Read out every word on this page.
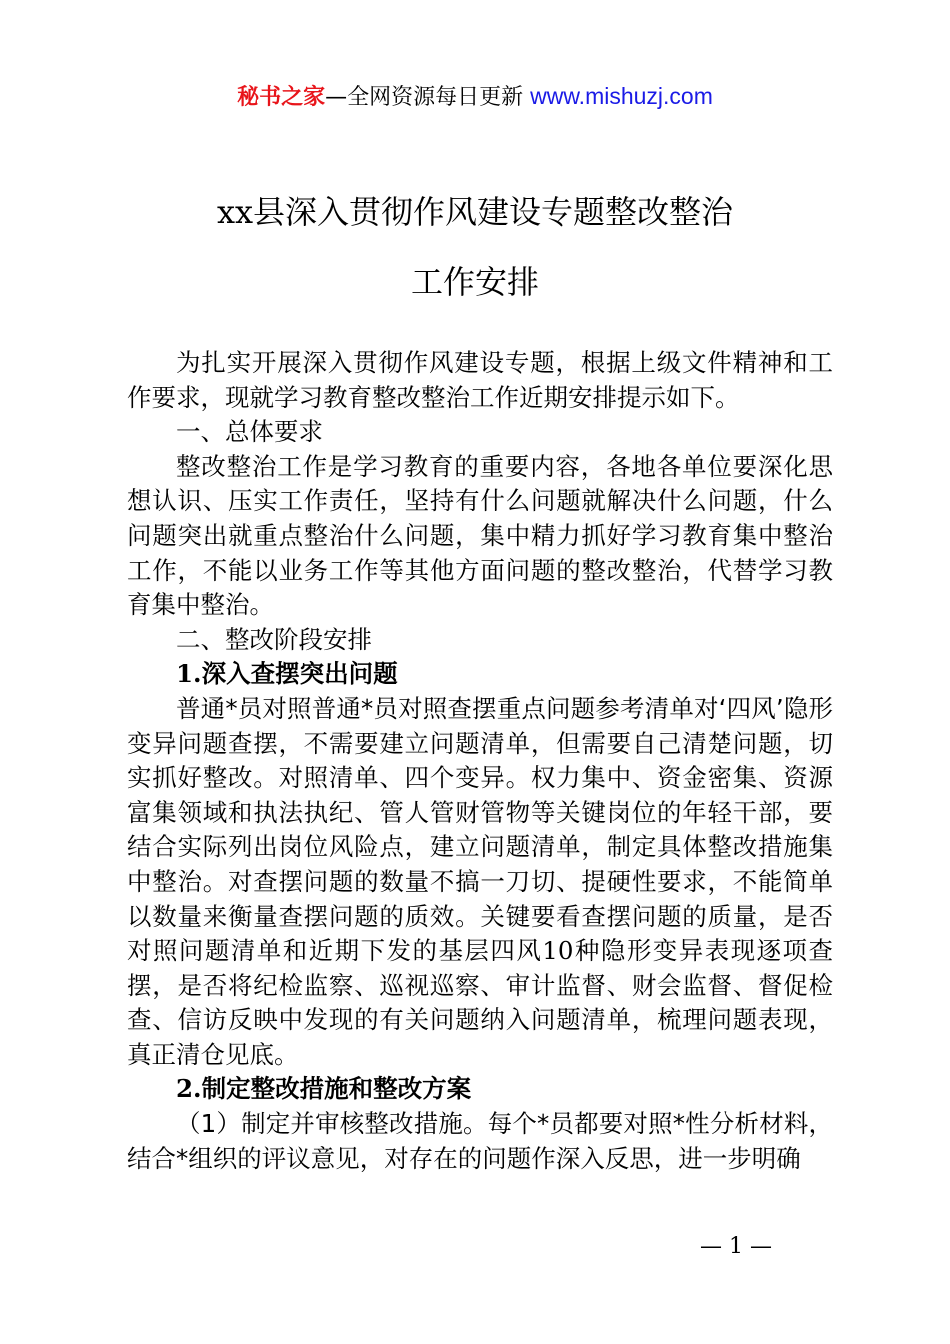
秘书之家—全网资源每日更新 www.mishuzj.com
xx县深入贯彻作风建设专题整改整治
工作安排

为扎实开展深入贯彻作风建设专题，根据上级文件精神和工作要求，现就学习教育整改整治工作近期安排提示如下。

一、总体要求

整改整治工作是学习教育的重要内容，各地各单位要深化思想认识、压实工作责任，坚持有什么问题就解决什么问题，什么问题突出就重点整治什么问题，集中精力抓好学习教育集中整治工作，不能以业务工作等其他方面问题的整改整治，代替学习教育集中整治。

二、整改阶段安排

1.深入查摆突出问题

普通*员对照普通*员对照查摆重点问题参考清单对‘四风’隐形变异问题查摆，不需要建立问题清单，但需要自己清楚问题，切实抓好整改。对照清单、四个变异。权力集中、资金密集、资源富集领域和执法执纪、管人管财管物等关键岗位的年轻干部，要结合实际列出岗位风险点，建立问题清单，制定具体整改措施集中整治。对查摆问题的数量不搞一刀切、提硬性要求，不能简单以数量来衡量查摆问题的质效。关键要看查摆问题的质量，是否对照问题清单和近期下发的基层四风10种隐形变异表现逐项查摆，是否将纪检监察、巡视巡察、审计监督、财会监督、督促检查、信访反映中发现的有关问题纳入问题清单，梳理问题表现，真正清仓见底。

2.制定整改措施和整改方案

（1）制定并审核整改措施。每个*员都要对照*性分析材料，结合*组织的评议意见，对存在的问题作深入反思，进一步明确

— 1 —
